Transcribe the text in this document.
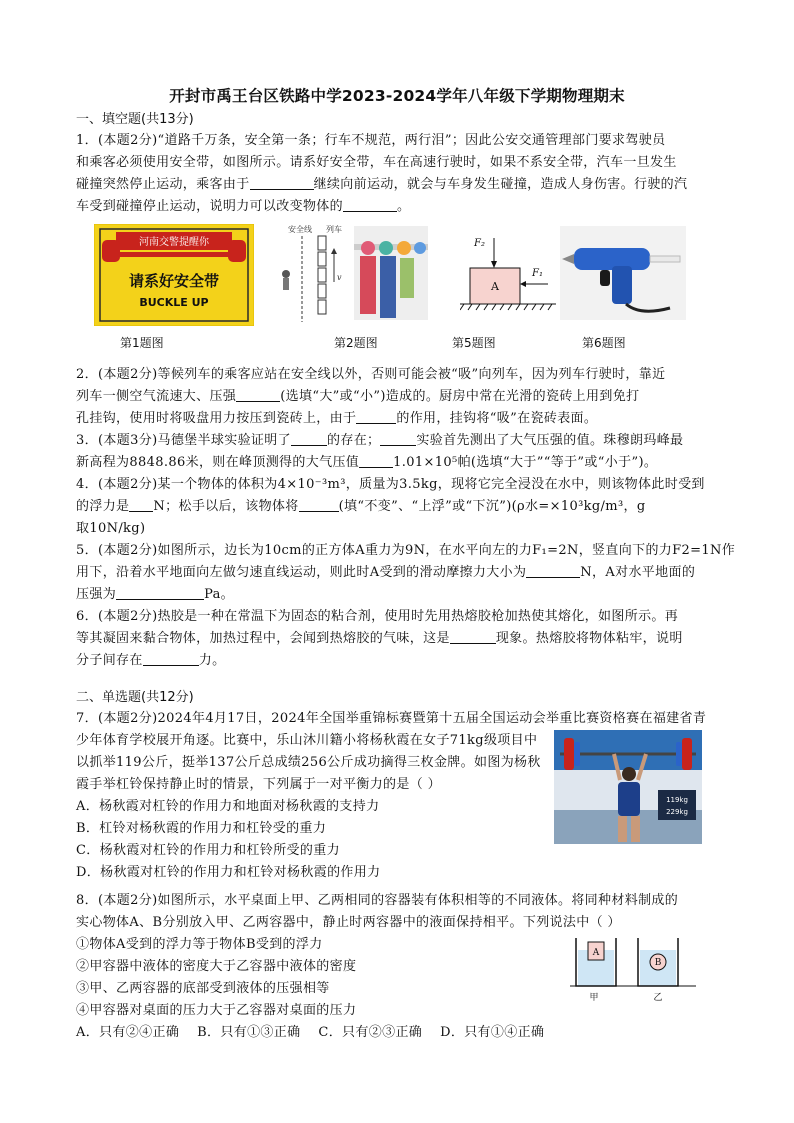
开封市禹王台区铁路中学2023-2024学年八年级下学期物理期末
一、填空题(共13分)
1．(本题2分)“道路千万条，安全第一条；行车不规范，两行泪”；因此公安交通管理部门要求驾驶员
和乘客必须使用安全带，如图所示。请系好安全带，车在高速行驶时，如果不系安全带，汽车一旦发生
碰撞突然停止运动，乘客由于	继续向前运动，就会与车身发生碰撞，造成人身伤害。行驶的汽
车受到碰撞停止运动，说明力可以改变物体的	。
河南交警提醒你
请系好安全带
BUCKLE UP
安全线 列车
v
F₂
A
F₁
第1题图	第2题图	第5题图	第6题图
2．(本题2分)等候列车的乘客应站在安全线以外，否则可能会被“吸”向列车，因为列车行驶时，靠近
列车一侧空气流速大、压强	(选填“大”或“小”)造成的。厨房中常在光滑的瓷砖上用到免打
孔挂钩，使用时将吸盘用力按压到瓷砖上，由于	的作用，挂钩将“吸”在瓷砖表面。
3．(本题3分)马德堡半球实验证明了	的存在；	实验首先测出了大气压强的值。珠穆朗玛峰最
新高程为8848.86米，则在峰顶测得的大气压值	1.01×10⁵帕(选填“大于”“等于”或“小于”)。
4．(本题2分)某一个物体的体积为4×10⁻³m³，质量为3.5kg，现将它完全浸没在水中，则该物体此时受到
的浮力是 N；松手以后，该物体将	(填“不变”、“上浮”或“下沉”)(ρ水=×10³kg/m³，g
取10N/kg)
5．(本题2分)如图所示，边长为10cm的正方体A重力为9N，在水平向左的力F₁=2N，竖直向下的力F2=1N作
用下，沿着水平地面向左做匀速直线运动，则此时A受到的滑动摩擦力大小为	N，A对水平地面的
压强为	Pa。
6．(本题2分)热胶是一种在常温下为固态的粘合剂，使用时先用热熔胶枪加热使其熔化，如图所示。再
等其凝固来黏合物体，加热过程中，会闻到热熔胶的气味，这是	现象。热熔胶将物体粘牢，说明
分子间存在	力。
二、单选题(共12分)
7．(本题2分)2024年4月17日，2024年全国举重锦标赛暨第十五届全国运动会举重比赛资格赛在福建省青
少年体育学校展开角逐。比赛中，乐山沐川籍小将杨秋霞在女子71kg级项目中
以抓举119公斤，挺举137公斤总成绩256公斤成功摘得三枚金牌。如图为杨秋
霞手举杠铃保持静止时的情景，下列属于一对平衡力的是（ ）
A．杨秋霞对杠铃的作用力和地面对杨秋霞的支持力
B．杠铃对杨秋霞的作用力和杠铃受的重力
C．杨秋霞对杠铃的作用力和杠铃所受的重力
D．杨秋霞对杠铃的作用力和杠铃对杨秋霞的作用力
119kg
229kg
8．(本题2分)如图所示，水平桌面上甲、乙两相同的容器装有体积相等的不同液体。将同种材料制成的
实心物体A、B分别放入甲、乙两容器中，静止时两容器中的液面保持相平。下列说法中（ ）
①物体A受到的浮力等于物体B受到的浮力
②甲容器中液体的密度大于乙容器中液体的密度
③甲、乙两容器的底部受到液体的压强相等
④甲容器对桌面的压力大于乙容器对桌面的压力
A．只有②④正确    B．只有①③正确    C．只有②③正确    D．只有①④正确
A
B
甲	乙
